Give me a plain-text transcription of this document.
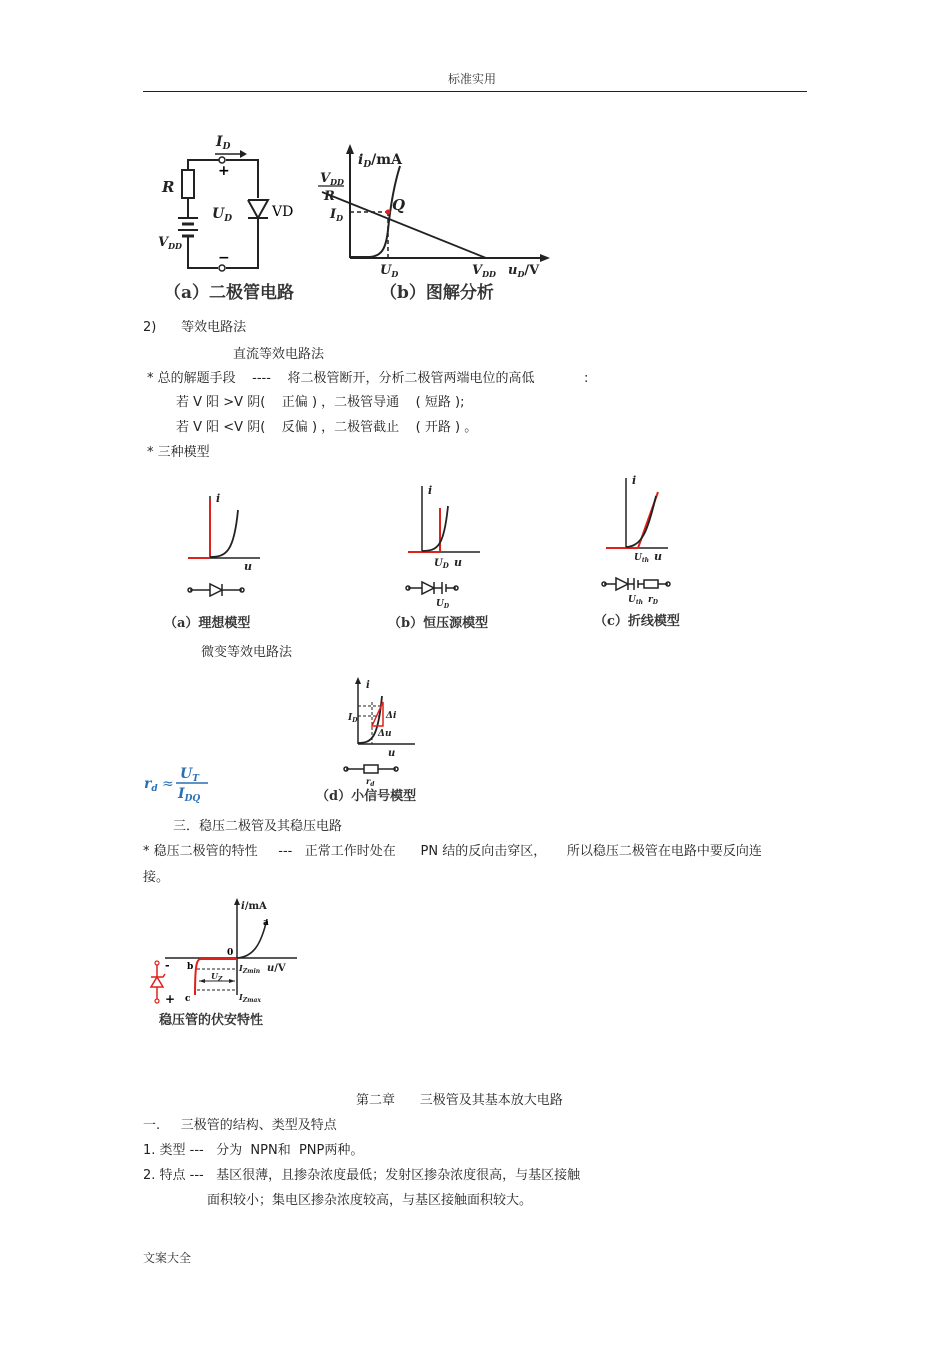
标准实用
$I_D$
+
−
R
$U_D$	VD
$V_{DD}$
（a）二极管电路
$i_D/mA$
$V_{DD}$
R
$I_D$
Q
$U_D$	$V_{DD}$ $u_D/V$
（b）图解分析
2)      等效电路法
直流等效电路法
* 总的解题手段    ----    将二极管断开，分析二极管两端电位的高低            :
若 V 阳 >V 阴(    正偏 ) ，二极管导通    ( 短路 );
若 V 阳 <V 阴(    反偏 ) ，二极管截止    ( 开路 ) 。
* 三种模型
i
u
（a）理想模型
i
$U_D$ u
$U_D$
（b）恒压源模型
i
$U_{th}$ u
$U_{th}$ $r_D$
（c）折线模型
微变等效电路法
i
$I_D$	Δi
Δu
u
$r_d$
（d）小信号模型
$r_d$ ≈
$U_T$
$I_{DQ}$
三．稳压二极管及其稳压电路
* 稳压二极管的特性     ---   正常工作时处在      PN 结的反向击穿区，     所以稳压二极管在电路中要反向连
接。
i/mA
a
0
b
c
$U_Z$
$I_{Zmin}$
$I_{Zmax}$
u/V
-
+
稳压管的伏安特性
第二章      三极管及其基本放大电路
一.     三极管的结构、类型及特点
1. 类型 ---   分为  NPN和  PNP两种。
2. 特点 ---   基区很薄，且掺杂浓度最低；发射区掺杂浓度很高，与基区接触
面积较小；集电区掺杂浓度较高，与基区接触面积较大。
文案大全
